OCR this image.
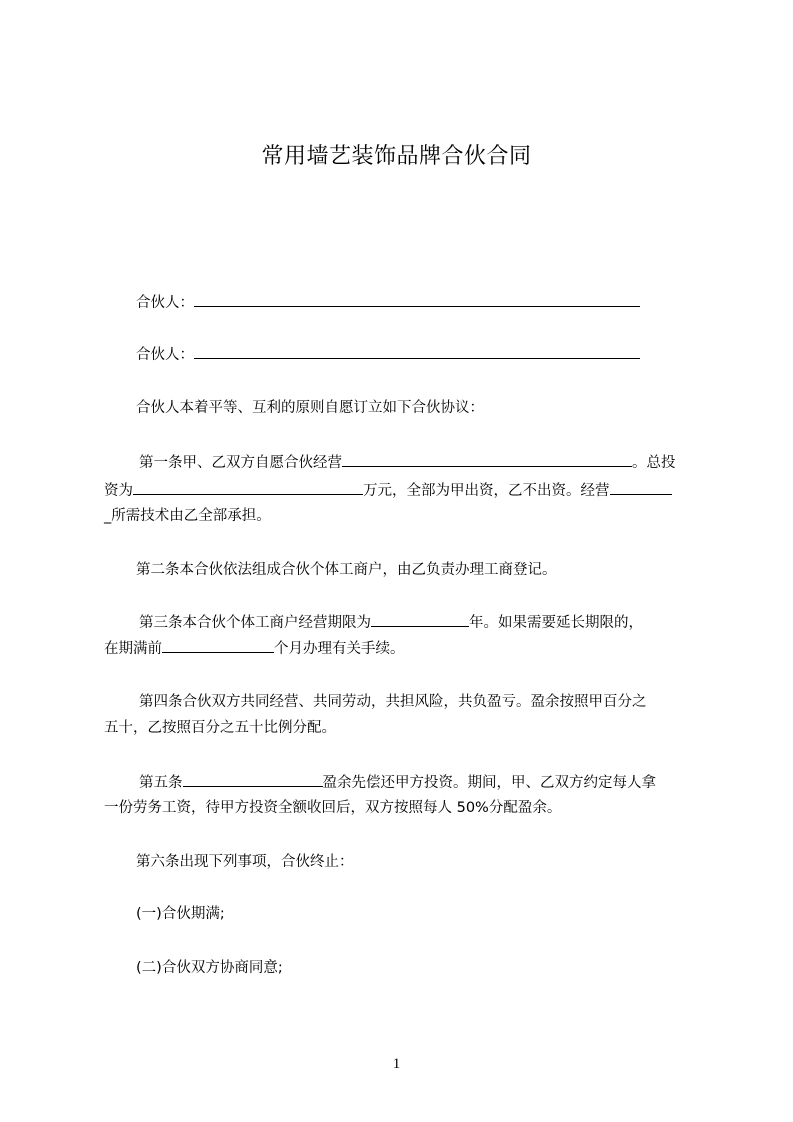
常用墙艺装饰品牌合伙合同
合伙人：
合伙人：
合伙人本着平等、互利的原则自愿订立如下合伙协议：
第一条甲、乙双方自愿合伙经营	。总投
资为	万元，全部为甲出资，乙不出资。经营
_所需技术由乙全部承担。
第二条本合伙依法组成合伙个体工商户，由乙负责办理工商登记。
第三条本合伙个体工商户经营期限为	年。如果需要延长期限的，
在期满前	个月办理有关手续。
第四条合伙双方共同经营、共同劳动，共担风险，共负盈亏。盈余按照甲百分之
五十，乙按照百分之五十比例分配。
第五条	盈余先偿还甲方投资。期间，甲、乙双方约定每人拿
一份劳务工资，待甲方投资全额收回后，双方按照每人 50%分配盈余。
第六条出现下列事项，合伙终止：
(一)合伙期满;
(二)合伙双方协商同意;
1
